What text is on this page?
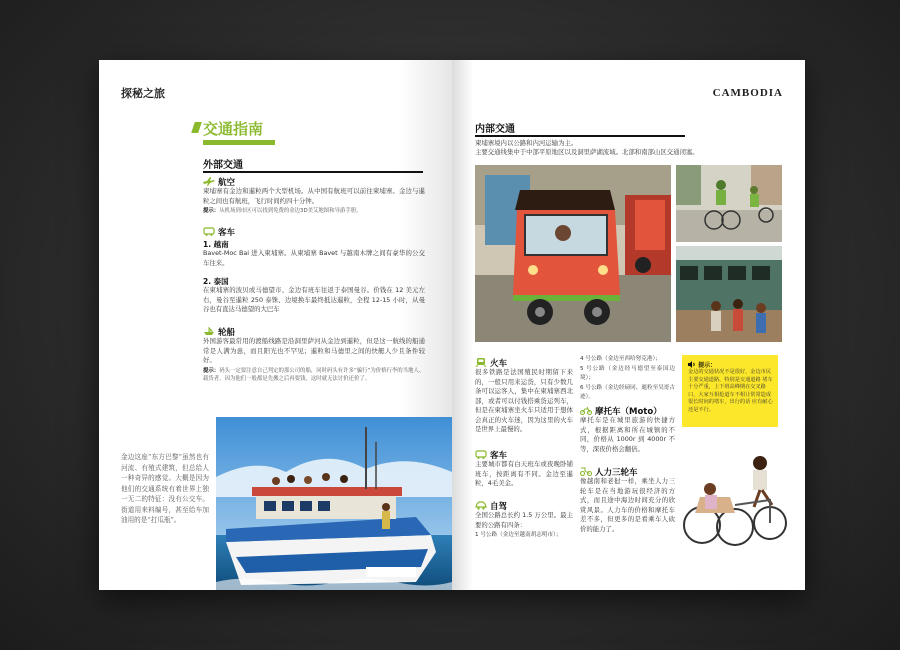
探秘之旅
交通指南
外部交通
航空
柬埔寨有金边和暹粒两个大型机场。从中国有航班可以前往柬埔寨。金边与暹粒之间也有航班，飞行时间约四十分钟。
提示：从机场到市区可以找到免费的金边3D美艾地图和导游手册。
客车
1. 越南
Bavet-Moc Bai 进入柬埔寨。从柬埔寨 Bavet 与越南木牌之间有豪华的公交车往来。
2. 泰国
在柬埔寨的波贝或马德望市、金边有班车往返于泰国曼谷。价钱在 12 美元左右，曼谷至暹粒 250 泰铢、边境换车最终抵达暹粒，全程 12-15 小时，从曼谷也有直达马德望的大巴车
轮船
外国游客最常用的渡船线路是沿洞里萨河从金边到暹粒，但是这一航线的船通常是人满为患，而且阳光也不罕见；暹粒和马德里之间的快艇人少且条件较好。
提示：码头一定要注意自己判定的那公司的船，同时码头有许多“骗行”为价格行李的当地人、载货者。因为他们一般都是先搬之后再要钱，这时就无法讨价还价了。
金边这座“东方巴黎”虽然也有河流、有殖式建筑，但总给人一种奇异的感觉。大概是因为他们的交通系统有着世界上独一无二的特征：没有公交车。街道用来料编号，甚至给车加油用的是“打瓜瓶”。
CAMBODIA
内部交通
柬埔寨境内以公路和内河运输为主。
主要交通线集中于中部平原地区以及洞里萨湖流域。北部和南部山区交通闭塞。
火车
很多铁路是法国殖民时期留下来的，一般只用来运货，只有少数几条可以运客人，集中在柬埔寨西北部，或者可以付钱搭乘货运列车，但是在柬埔寨坐火车只适用于想体会真正的火车迷，因为这里的火车是世界上最慢的。
客车
主要城市都有白天班车或夜晚卧铺班车，按距离有不同。金边至暹粒，4毛美金。
自驾
全国公路总长约 1.5 万公里。最主要的公路有四条：
1 号公路（金边至越南胡志明市）；
4 号公路（金边至西哈努克港）；
5 号公路（金边经马德望至泰国边境）；
6 号公路（金边经磅同、暹粒至吴哥古迹）。
摩托车（Moto）
摩托车是在城里旅游的快捷方式，根据距离和所在城镇的不同，价格从 1000r 到 4000r 不等，深夜价格会翻倍。
人力三轮车
像越南和老挝一样，乘坐人力三轮车是在当地游玩很经济的方式，而且途中海边时间充分的欣赏风景。人力车的价格和摩托车差不多，但更多的是看乘车人砍价的能力了。
提示：
金边的交通状况不是很好，金边市民主要交通道路，特别是交通道路 堵车十分严重，上下班高峰期在交叉路口，大家互相抢道车不相让常常造成很长时间的堵车，出行的话 应有耐心还是不行。
